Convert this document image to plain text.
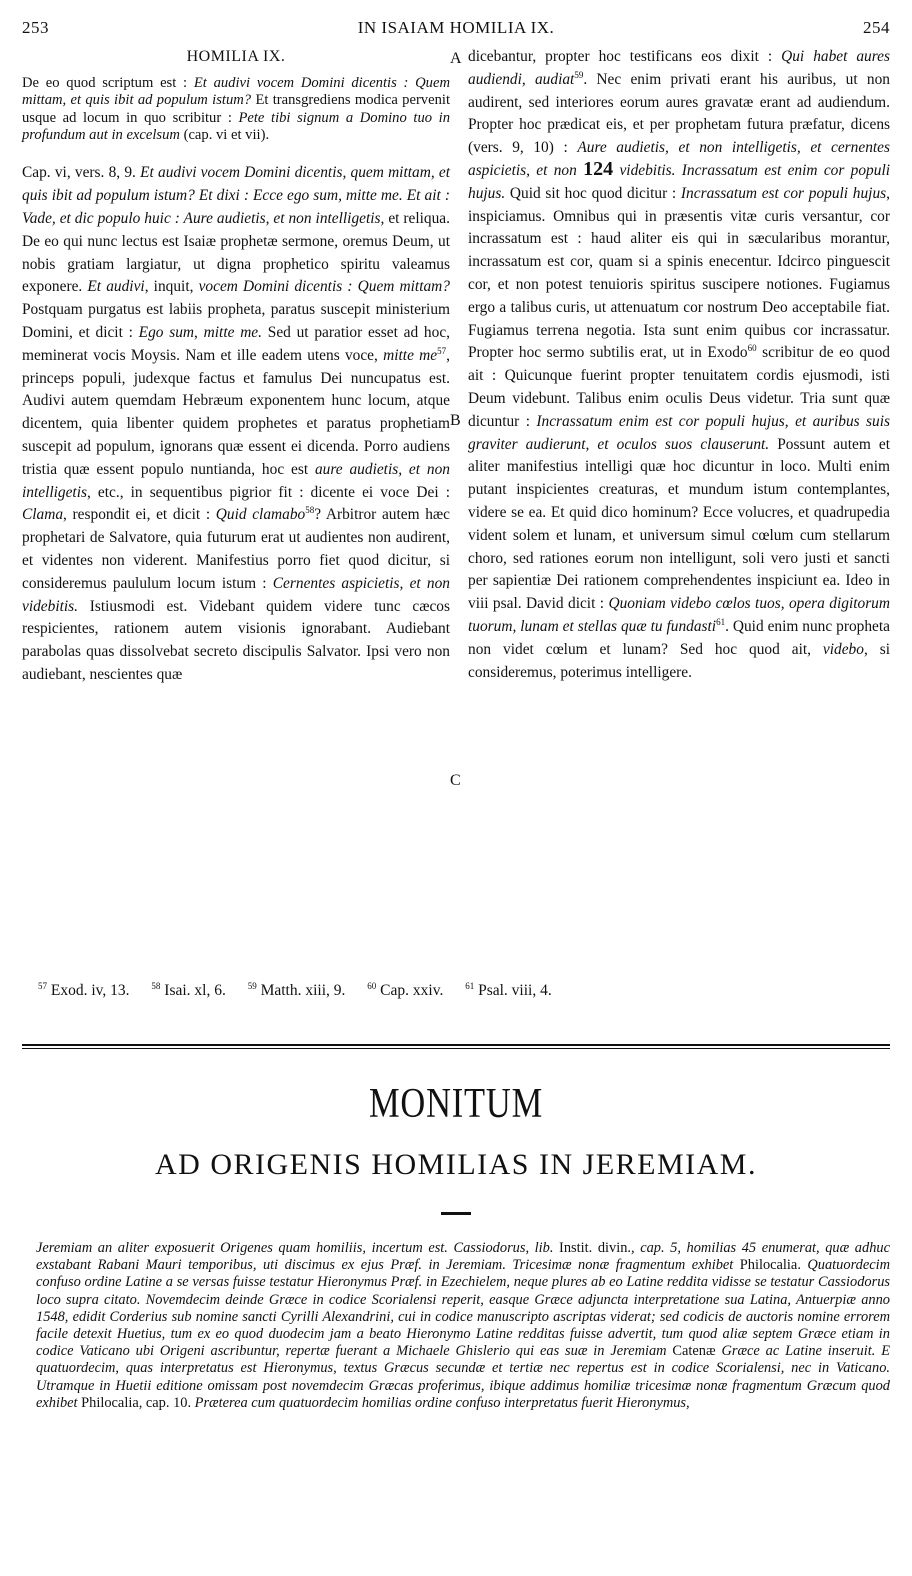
253	IN ISAIAM HOMILIA IX.	254

HOMILIA IX.

De eo quod scriptum est : Et audivi vocem Domini dicentis : Quem mittam, et quis ibit ad populum istum? Et transgrediens modica pervenit usque ad locum in quo scribitur : Pete tibi signum a Domino tuo in profundum aut in excelsum (cap. vi et vii).

Cap. vi, vers. 8, 9. Et audivi vocem Domini dicentis, quem mittam, et quis ibit ad populum istum? Et dixi : Ecce ego sum, mitte me. Et ait : Vade, et dic populo huic : Aure audietis, et non intelligetis, et reliqua. De eo qui nunc lectus est Isaiæ prophetæ sermone, oremus Deum, ut nobis gratiam largiatur, ut digna prophetico spiritu valeamus exponere. Et audivi, inquit, vocem Domini dicentis : Quem mittam? Postquam purgatus est labiis propheta, paratus suscepit ministerium Domini, et dicit : Ego sum, mitte me. Sed ut paratior esset ad hoc, meminerat vocis Moysis. Nam et ille eadem utens voce, mitte $me^{57}$, princeps populi, judexque factus et famulus Dei nuncupatus est. Audivi autem quemdam Hebræum exponentem hunc locum, atque dicentem, quia libenter quidem prophetes et paratus prophetiam suscepit ad populum, ignorans quæ essent ei dicenda. Porro audiens tristia quæ essent populo nuntianda, hoc est aure audietis, et non intelligetis, etc., in sequentibus pigrior fit : dicente ei voce Dei : Clama, respondit ei, et dicit : Quid clamabo$^{58}$? Arbitror autem hæc prophetari de Salvatore, quia futurum erat ut audientes non audirent, et videntes non viderent. Manifestius porro fiet quod dicitur, si consideremus paululum locum istum : Cernentes aspicietis, et non videbitis. Istiusmodi est. Videbant quidem videre tunc cæcos respicientes, rationem autem visionis ignorabant. Audiebant parabolas quas dissolvebat secreto discipulis Salvator. Ipsi vero non audiebant, nescientes quæ

A
B
C

dicebantur, propter hoc testificans eos dixit : Qui habet aures audiendi, audiat$^{59}$. Nec enim privati erant his auribus, ut non audirent, sed interiores eorum aures gravatæ erant ad audiendum. Propter hoc prædicat eis, et per prophetam futura præfatur, dicens (vers. 9, 10) : Aure audietis, et non intelligetis, et cernentes aspicietis, et non 124 videbitis. Incrassatum est enim cor populi hujus. Quid sit hoc quod dicitur : Incrassatum est cor populi hujus, inspiciamus. Omnibus qui in præsentis vitæ curis versantur, cor incrassatum est : haud aliter eis qui in sæcularibus morantur, incrassatum est cor, quam si a spinis enecentur. Idcirco pinguescit cor, et non potest tenuioris spiritus suscipere notiones. Fugiamus ergo a talibus curis, ut attenuatum cor nostrum Deo acceptabile fiat. Fugiamus terrena negotia. Ista sunt enim quibus cor incrassatur. Propter hoc sermo subtilis erat, ut in Exodo$^{60}$ scribitur de eo quod ait : Quicunque fuerint propter tenuitatem cordis ejusmodi, isti Deum videbunt. Talibus enim oculis Deus videtur. Tria sunt quæ dicuntur : Incrassatum enim est cor populi hujus, et auribus suis graviter audierunt, et oculos suos clauserunt. Possunt autem et aliter manifestius intelligi quæ hoc dicuntur in loco. Multi enim putant inspicientes creaturas, et mundum istum contemplantes, videre se ea. Et quid dico hominum? Ecce volucres, et quadrupedia vident solem et lunam, et universum simul cœlum cum stellarum choro, sed rationes eorum non intelligunt, soli vero justi et sancti per sapientiæ Dei rationem comprehendentes inspiciunt ea. Ideo in viii psal. David dicit : Quoniam videbo cœlos tuos, opera digitorum tuorum, lunam et stellas quæ tu fundasti$^{61}$. Quid enim nunc propheta non videt cœlum et lunam? Sed hoc quod ait, videbo, si consideremus, poterimus intelligere.

$^{57}$ Exod. iv, 13. $^{58}$ Isai. xl, 6. $^{59}$ Matth. xiii, 9. $^{60}$ Cap. xxiv. $^{61}$ Psal. viii, 4.
MONITUM
AD ORIGENIS HOMILIAS IN JEREMIAM.
Jeremiam an aliter exposuerit Origenes quam homiliis, incertum est. Cassiodorus, lib. Instit. divin., cap. 5, homilias 45 enumerat, quæ adhuc exstabant Rabani Mauri temporibus, uti discimus ex ejus Præf. in Jeremiam. Tricesimæ nonæ fragmentum exhibet Philocalia. Quatuordecim confuso ordine Latine a se versas fuisse testatur Hieronymus Præf. in Ezechielem, neque plures ab eo Latine reddita vidisse se testatur Cassiodorus loco supra citato. Novemdecim deinde Græce in codice Scorialensi reperit, easque Græce adjuncta interpretatione sua Latina, Antuerpiæ anno 1548, edidit Corderius sub nomine sancti Cyrilli Alexandrini, cui in codice manuscripto ascriptas viderat; sed codicis de auctoris nomine errorem facile detexit Huetius, tum ex eo quod duodecim jam a beato Hieronymo Latine redditas fuisse advertit, tum quod aliæ septem Græce etiam in codice Vaticano ubi Origeni ascribuntur, repertæ fuerant a Michaele Ghislerio qui eas suæ in Jeremiam Catenæ Græce ac Latine inseruit. E quatuordecim, quas interpretatus est Hieronymus, textus Græcus secundæ et tertiæ nec repertus est in codice Scorialensi, nec in Vaticano. Utramque in Huetii editione omissam post novemdecim Græcas proferimus, ibique addimus homiliæ tricesimæ nonæ fragmentum Græcum quod exhibet Philocalia, cap. 10. Præterea cum quatuordecim homilias ordine confuso interpretatus fuerit Hieronymus,
